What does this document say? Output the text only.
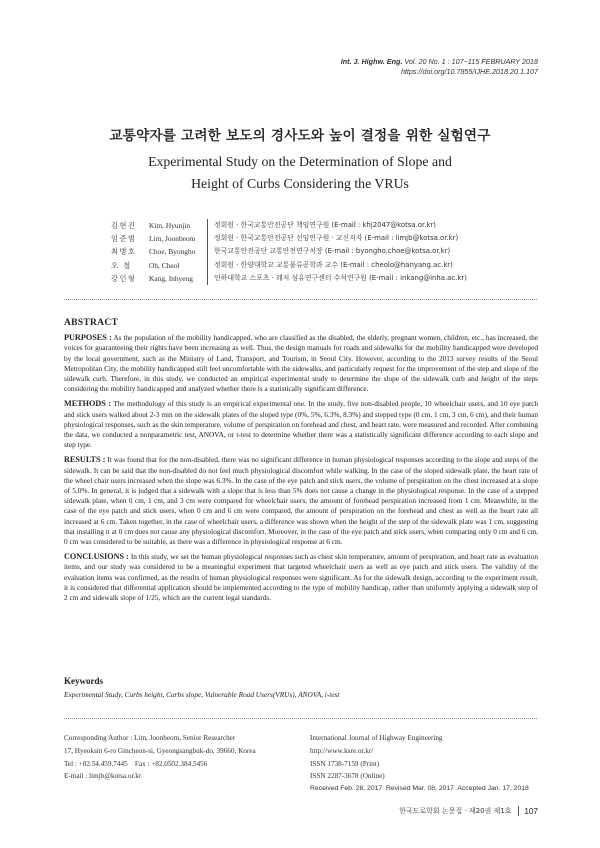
Int. J. Highw. Eng. Vol. 20 No. 1 : 107~115 FEBRUARY 2018
https://doi.org/10.7855/IJHE.2018.20.1.107
교통약자를 고려한 보도의 경사도와 높이 결정을 위한 실험연구
Experimental Study on the Determination of Slope and
Height of Curbs Considering the VRUs
김현진	Kim, Hyunjin	정회원 · 한국교통안전공단 책임연구원 (E-mail : khj2047@kotsa.or.kr)
임준범	Lim, Joonbeom	정회원 · 한국교통안전공단 선임연구원 · 교신저자 (E-mail : limjb@kotsa.or.kr)
최병호	Choe, Byongho	한국교통안전공단 교통안전연구처장 (E-mail : byongho.choe@kotsa.or.kr)
오 철	Oh, Cheol	정회원 · 한양대학교 교통물류공학과 교수 (E-mail : cheolo@hanyang.ac.kr)
강인형	Kang, Inhyeng	인하대학교 스포츠 · 레저 섬유연구센터 수석연구원 (E-mail : inkang@inha.ac.kr)
ABSTRACT

PURPOSES : As the population of the mobility handicapped, who are classified as the disabled, the elderly, pregnant women, children, etc., has increased, the voices for guaranteeing their rights have been increasing as well. Thus, the design manuals for roads and sidewalks for the mobility handicapped were developed by the local government, such as the Ministry of Land, Transport, and Tourism, in Seoul City. However, according to the 2013 survey results of the Seoul Metropolitan City, the mobility handicapped still feel uncomfortable with the sidewalks, and particularly request for the improvement of the step and slope of the sidewalk curb. Therefore, in this study, we conducted an empirical experimental study to determine the slope of the sidewalk curb and height of the steps considering the mobility handicapped and analyzed whether there is a statistically significant difference.

METHODS : The methodology of this study is an empirical experimental one. In the study, five non-disabled people, 10 wheelchair users, and 10 eye patch and stick users walked about 2-3 min on the sidewalk plates of the sloped type (0%, 5%, 6.3%, 8.3%) and stepped type (0 cm, 1 cm, 3 cm, 6 cm), and their human physiological responses, such as the skin temperature, volume of perspiration on forehead and chest, and heart rate, were measured and recorded. After combining the data, we conducted a nonparametric test, ANOVA, or t-test to determine whether there was a statistically significant difference according to each slope and step type.

RESULTS : It was found that for the non-disabled, there was no significant difference in human physiological responses according to the slope and steps of the sidewalk. It can be said that the non-disabled do not feel much physiological discomfort while walking. In the case of the sloped sidewalk plate, the heart rate of the wheel chair users increased when the slope was 6.3%. In the case of the eye patch and stick users, the volume of perspiration on the chest increased at a slope of 5.0%. In general, it is judged that a sidewalk with a slope that is less than 5% does not cause a change in the physiological response. In the case of a stepped sidewalk plate, when 0 cm, 1 cm, and 3 cm were compared for wheelchair users, the amount of forehead perspiration increased from 1 cm. Meanwhile, in the case of the eye patch and stick users, when 0 cm and 6 cm were compared, the amount of perspiration on the forehead and chest as well as the heart rate all increased at 6 cm. Taken together, in the case of wheelchair users, a difference was shown when the height of the step of the sidewalk plate was 1 cm, suggesting that installing it at 0 cm does not cause any physiological discomfort. Moreover, in the case of the eye patch and stick users, when comparing only 0 cm and 6 cm, 0 cm was considered to be suitable, as there was a difference in physiological response at 6 cm.

CONCLUSIONS : In this study, we set the human physiological responses such as chest skin temperature, amount of perspiration, and heart rate as evaluation items, and our study was considered to be a meaningful experiment that targeted wheelchair users as well as eye patch and stick users. The validity of the evaluation items was confirmed, as the results of human physiological responses were significant. As for the sidewalk design, according to the experiment result, it is considered that differential application should be implemented according to the type of mobility handicap, rather than uniformly applying a sidewalk step of 2 cm and sidewalk slope of 1/25, which are the current legal standards.

Keywords
Experimental Study, Curbs height, Curbs slope, Vulnerable Road Users(VRUs), ANOVA, t-test
Corresponding Author : Lim, Joonbeom, Senior Researcher
17, Hyeoksin 6-ro Gincheon-si, Gyeongsangbuk-do, 39660, Korea
Tel : +82.54.459.7445    Fax : +82.0502.384.5456
E-mail : limjb@kotsa.or.kr
International Journal of Highway Engineering
http://www.ksre.or.kr/
ISSN 1738-7159 (Print)
ISSN 2287-3678 (Online)
Received Feb. 28, 2017  Revised Mar. 08, 2017  Accepted Jan. 17, 2018
한국도로학회 논문집 · 제20권 제1호 107
